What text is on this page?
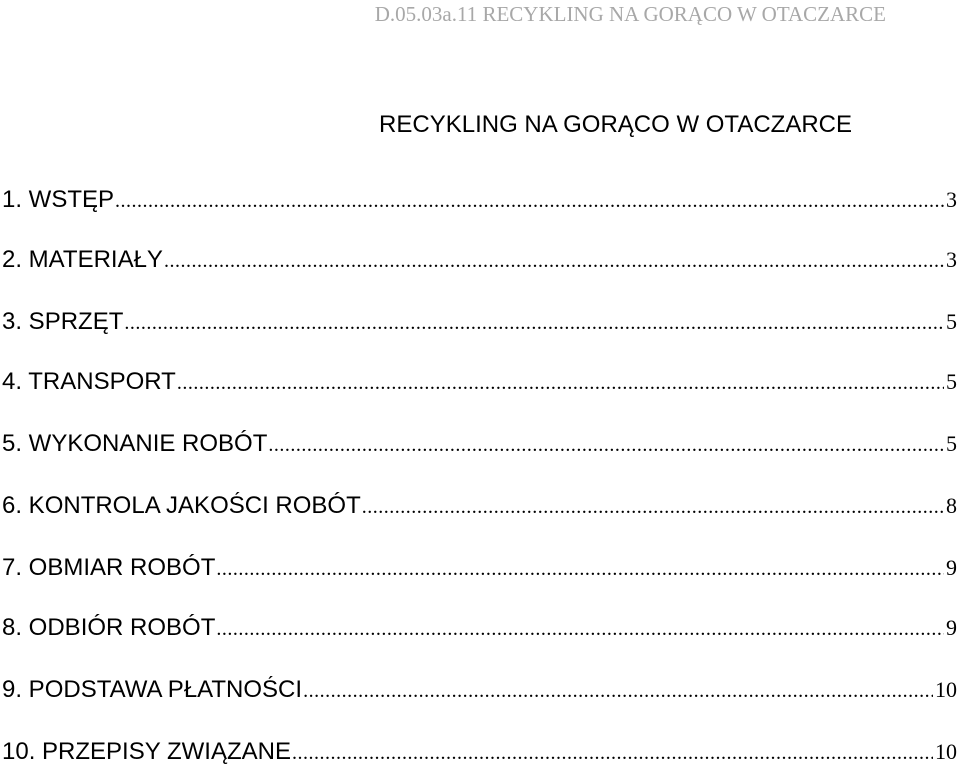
D.05.03a.11 RECYKLING NA GORĄCO W OTACZARCE
RECYKLING NA GORĄCO W OTACZARCE
1. WSTĘP .....	3
2. MATERIAŁY .....	3
3. SPRZĘT .....	5
4. TRANSPORT .....	5
5. WYKONANIE ROBÓT .....	5
6. KONTROLA JAKOŚCI ROBÓT .....	8
7. OBMIAR ROBÓT .....	9
8. ODBIÓR ROBÓT .....	9
9. PODSTAWA PŁATNOŚCI .....	10
10. PRZEPISY ZWIĄZANE .....	10
